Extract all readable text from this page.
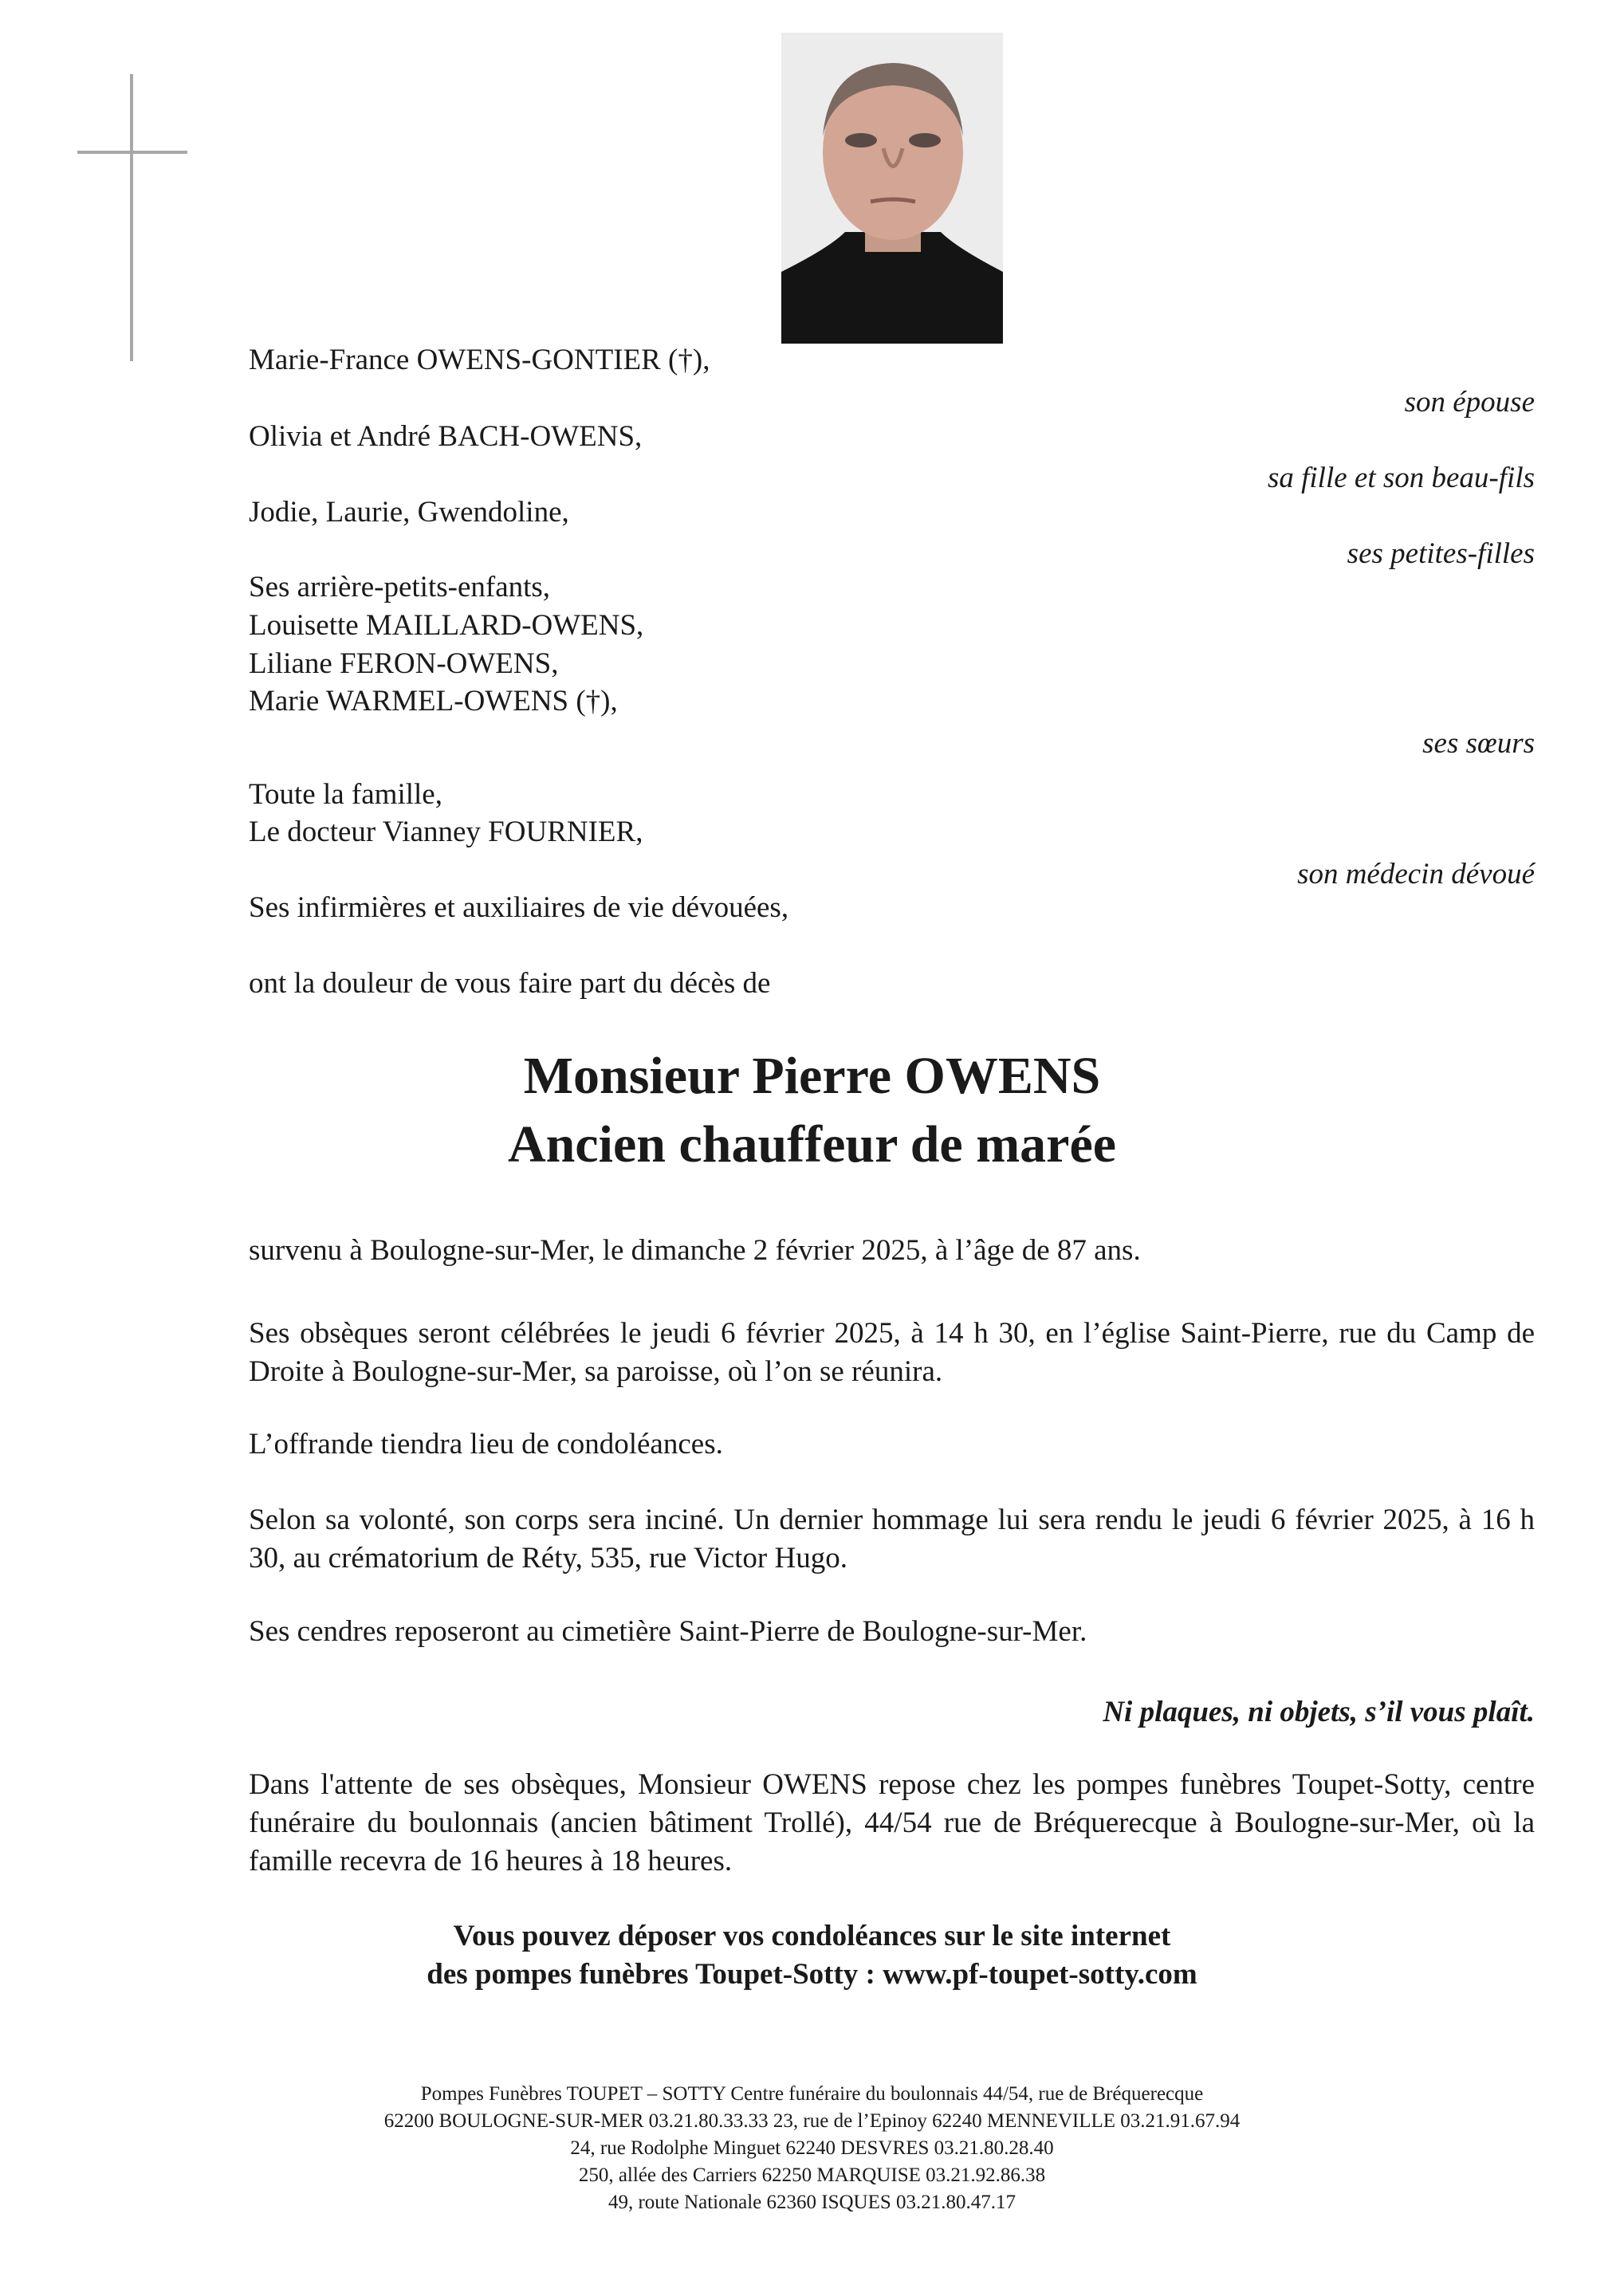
Marie-France OWENS-GONTIER (†),
Olivia et André BACH-OWENS,
Jodie, Laurie, Gwendoline,
Ses arrière-petits-enfants,
Louisette MAILLARD-OWENS,
Liliane FERON-OWENS,
Marie WARMEL-OWENS (†),
Toute la famille,
Le docteur Vianney FOURNIER,
Ses infirmières et auxiliaires de vie dévouées,
son épouse
sa fille et son beau-fils
ses petites-filles
ses sœurs
son médecin dévoué
ont la douleur de vous faire part du décès de
Monsieur Pierre OWENS
Ancien chauffeur de marée
survenu à Boulogne-sur-Mer, le dimanche 2 février 2025, à l’âge de 87 ans.
Ses obsèques seront célébrées le jeudi 6 février 2025, à 14 h 30, en l’église Saint-Pierre, rue du Camp de Droite à Boulogne-sur-Mer, sa paroisse, où l’on se réunira.
L’offrande tiendra lieu de condoléances.
Selon sa volonté, son corps sera inciné. Un dernier hommage lui sera rendu le jeudi 6 février 2025, à 16 h 30, au crématorium de Réty, 535, rue Victor Hugo.
Ses cendres reposeront au cimetière Saint-Pierre de Boulogne-sur-Mer.
Ni plaques, ni objets, s’il vous plaît.
Dans l'attente de ses obsèques, Monsieur OWENS repose chez les pompes funèbres Toupet-Sotty, centre funéraire du boulonnais (ancien bâtiment Trollé), 44/54 rue de Bréquerecque à Boulogne-sur-Mer, où la famille recevra de 16 heures à 18 heures.
Vous pouvez déposer vos condoléances sur le site internet
des pompes funèbres Toupet-Sotty : www.pf-toupet-sotty.com
Pompes Funèbres TOUPET – SOTTY Centre funéraire du boulonnais 44/54, rue de Bréquerecque
62200 BOULOGNE-SUR-MER 03.21.80.33.33 23, rue de l’Epinoy 62240 MENNEVILLE 03.21.91.67.94
24, rue Rodolphe Minguet 62240 DESVRES 03.21.80.28.40
250, allée des Carriers 62250 MARQUISE 03.21.92.86.38
49, route Nationale 62360 ISQUES 03.21.80.47.17
